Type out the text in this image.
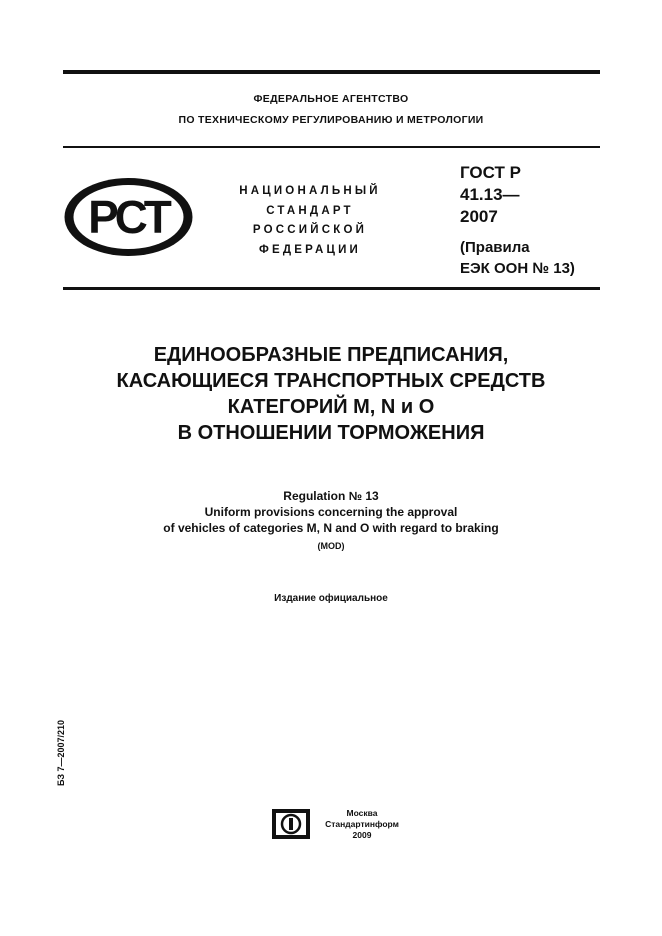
ФЕДЕРАЛЬНОЕ АГЕНТСТВО
ПО ТЕХНИЧЕСКОМУ РЕГУЛИРОВАНИЮ И МЕТРОЛОГИИ
РСТ	НАЦИОНАЛЬНЫЙ
СТАНДАРТ
РОССИЙСКОЙ
ФЕДЕРАЦИИ
ГОСТ Р
41.13—
2007
(Правила
ЕЭК ООН № 13)
ЕДИНООБРАЗНЫЕ ПРЕДПИСАНИЯ,
КАСАЮЩИЕСЯ ТРАНСПОРТНЫХ СРЕДСТВ
КАТЕГОРИЙ М, N и О
В ОТНОШЕНИИ ТОРМОЖЕНИЯ
Regulation № 13
Uniform provisions concerning the approval
of vehicles of categories M, N and O with regard to braking
(MOD)
Издание официальное
БЗ 7—2007/210
Москва
Стандартинформ
2009
